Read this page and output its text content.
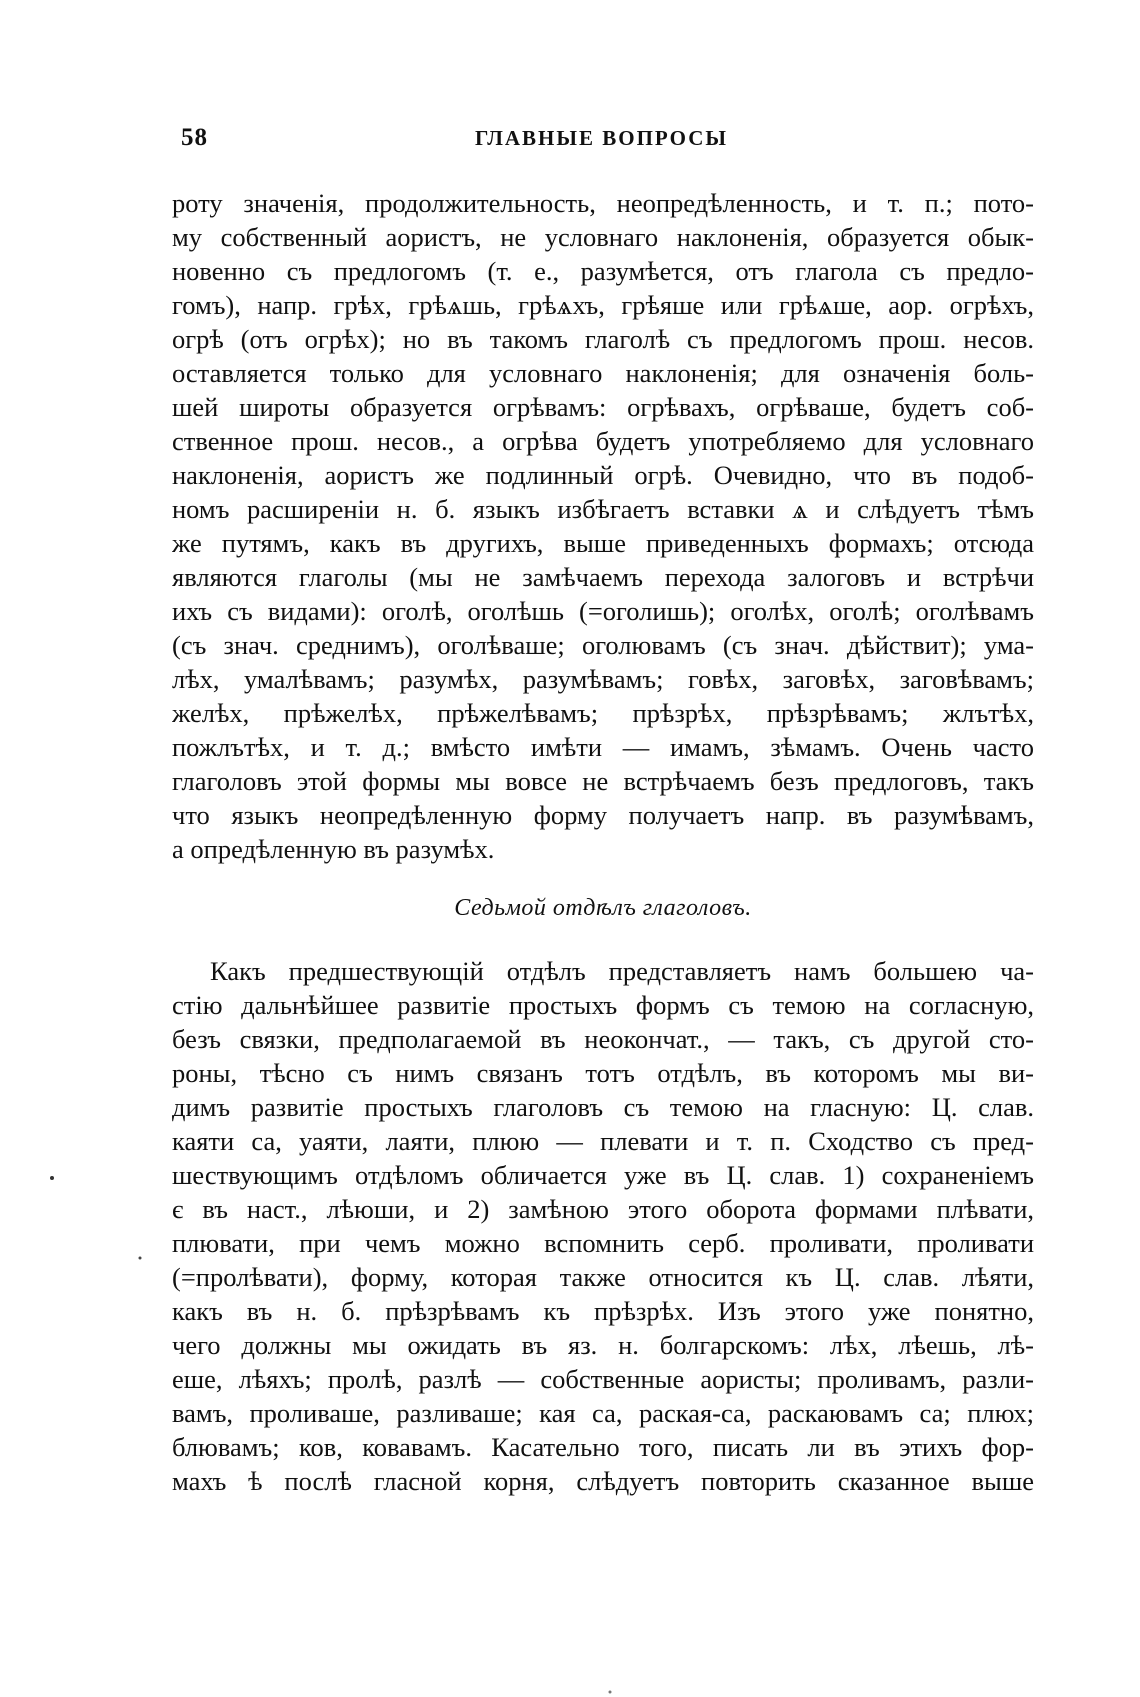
58	ГЛАВНЫЕ ВОПРОСЫ
роту значенія, продолжительность, неопредѣленность, и т. п.; пото-
му собственный аористъ, не условнаго наклоненія, образуется обык-
новенно съ предлогомъ (т. е., разумѣется, отъ глагола съ предло-
гомъ), напр. грѣх, грѣѧшь, грѣѧхъ, грѣяше или грѣѧше, аор. огрѣхъ,
огрѣ (отъ огрѣх); но въ такомъ глаголѣ съ предлогомъ прош. несов.
оставляется только для условнаго наклоненія; для означенія боль-
шей широты образуется огрѣвамъ: огрѣвахъ, огрѣваше, будетъ соб-
ственное прош. несов., а огрѣва будетъ употребляемо для условнаго
наклоненія, аористъ же подлинный огрѣ. Очевидно, что въ подоб-
номъ расширеніи н. б. языкъ избѣгаетъ вставки ѧ и слѣдуетъ тѣмъ
же путямъ, какъ въ другихъ, выше приведенныхъ формахъ; отсюда
являются глаголы (мы не замѣчаемъ перехода залоговъ и встрѣчи
ихъ съ видами): оголѣ, оголѣшь (=оголишь); оголѣх, оголѣ; оголѣвамъ
(съ знач. среднимъ), оголѣваше; оголювамъ (съ знач. дѣйствит); ума-
лѣх, умалѣвамъ; разумѣх, разумѣвамъ; говѣх, заговѣх, заговѣвамъ;
желѣх, прѣжелѣх, прѣжелѣвамъ; прѣзрѣх, прѣзрѣвамъ; жлътѣх,
пожлътѣх, и т. д.; вмѣсто имѣти — имамъ, зѣмамъ. Очень часто
глаголовъ этой формы мы вовсе не встрѣчаемъ безъ предлоговъ, такъ
что языкъ неопредѣленную форму получаетъ напр. въ разумѣвамъ,
а опредѣленную въ разумѣх.
Седьмой отдѣлъ глаголовъ.
Какъ предшествующій отдѣлъ представляетъ намъ большею ча-
стію дальнѣйшее развитіе простыхъ формъ съ темою на согласную,
безъ связки, предполагаемой въ неокончат., — такъ, съ другой сто-
роны, тѣсно съ нимъ связанъ тотъ отдѣлъ, въ которомъ мы ви-
димъ развитіе простыхъ глаголовъ съ темою на гласную: Ц. слав.
каяти са, уаяти, лаяти, плюю — плевати и т. п. Сходство съ пред-
шествующимъ отдѣломъ обличается уже въ Ц. слав. 1) сохраненіемъ
є въ наст., лѣюши, и 2) замѣною этого оборота формами плѣвати,
плювати, при чемъ можно вспомнить серб. проливати, проливати
(=пролѣвати), форму, которая также относится къ Ц. слав. лѣяти,
какъ въ н. б. прѣзрѣвамъ къ прѣзрѣх. Изъ этого уже понятно,
чего должны мы ожидать въ яз. н. болгарскомъ: лѣх, лѣешь, лѣ-
еше, лѣяхъ; пролѣ, разлѣ — собственные аористы; проливамъ, разли-
вамъ, проливаше, разливаше; кая са, раская-са, раскаювамъ са; плюх;
блювамъ; ков, ковавамъ. Касательно того, писать ли въ этихъ фор-
махъ ѣ послѣ гласной корня, слѣдуетъ повторить сказанное выше
